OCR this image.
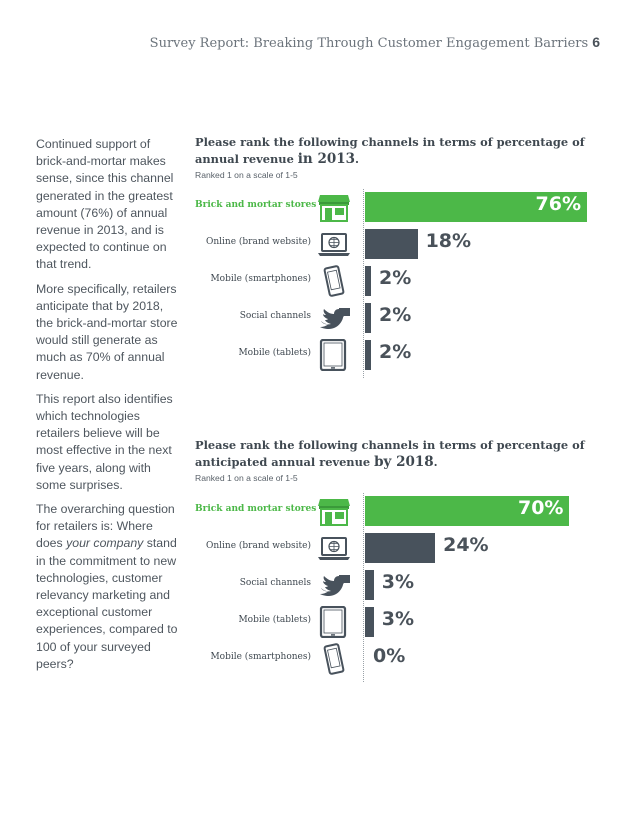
Survey Report: Breaking Through Customer Engagement Barriers 6

Continued support of brick-and-mortar makes sense, since this channel generated in the greatest amount (76%) of annual revenue in 2013, and is expected to continue on that trend.

More specifically, retailers anticipate that by 2018, the brick-and-mortar store would still generate as much as 70% of annual revenue.

This report also identifies which technologies retailers believe will be most effective in the next five years, along with some surprises.

The overarching question for retailers is: Where does your company stand in the commitment to new technologies, customer relevancy marketing and exceptional customer experiences, compared to 100 of your surveyed peers?

Please rank the following channels in terms of percentage of annual revenue in 2013.

Ranked 1 on a scale of 1-5
Brick and mortar stores	76%
Online (brand website)	18%
Mobile (smartphones)	2%
Social channels	2%
Mobile (tablets)	2%

Please rank the following channels in terms of percentage of anticipated annual revenue by 2018.

Ranked 1 on a scale of 1-5
Brick and mortar stores	70%
Online (brand website)	24%
Social channels	3%
Mobile (tablets)	3%
Mobile (smartphones)	0%
